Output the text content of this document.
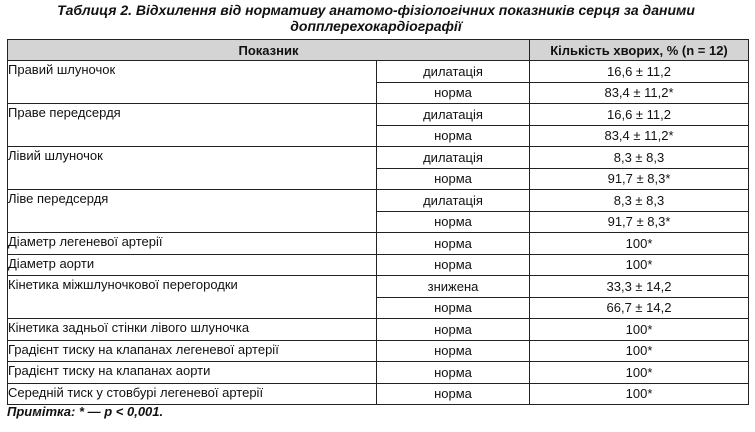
Таблиця 2. Відхилення від нормативу анатомо-фізіологічних показників серця за даними
допплерехокардіографії
Показник		Кількість хворих, % (n = 12)
Правий шлуночок	дилатація	16,6 ± 11,2
	норма	83,4 ± 11,2*
Праве передсердя	дилатація	16,6 ± 11,2
	норма	83,4 ± 11,2*
Лівий шлуночок	дилатація	8,3 ± 8,3
	норма	91,7 ± 8,3*
Ліве передсердя	дилатація	8,3 ± 8,3
	норма	91,7 ± 8,3*
Діаметр легеневої артерії	норма	100*
Діаметр аорти	норма	100*
Кінетика міжшлуночкової перегородки	знижена	33,3 ± 14,2
	норма	66,7 ± 14,2
Кінетика задньої стінки лівого шлуночка	норма	100*
Градієнт тиску на клапанах легеневої артерії	норма	100*
Градієнт тиску на клапанах аорти	норма	100*
Середній тиск у стовбурі легеневої артерії	норма	100*
Примітка: * — p < 0,001.
